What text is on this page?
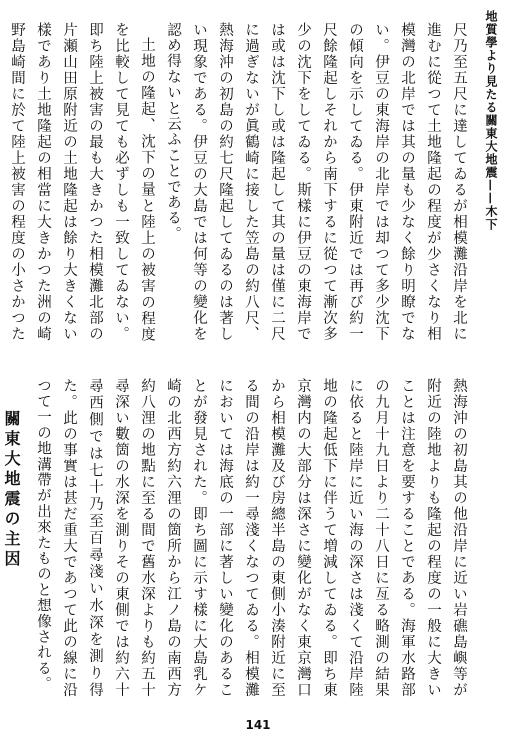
地質學より見たる關東大地震——木下

尺乃至五尺に達してゐるが相模灘沿岸を北に進むに從つて土地隆起の程度が少さくなり相模灣の北岸では其の量も少なく餘り明瞭でない。伊豆の東海岸の北岸では却つて多少沈下の傾向を示してゐる。伊東附近では再び約一尺餘隆起しそれから南下するに從つて漸次多少の沈下をしてゐる。斯樣に伊豆の東海岸では或は沈下し或は隆起して其の量は僅に二尺に過ぎないが眞鶴崎に接した笠島の約八尺、熱海沖の初島の約七尺隆起してゐるのは著しい現象である。伊豆の大島では何等の變化を認め得ないと云ふことである。

土地の隆起、沈下の量と陸上の被害の程度を比較して見ても必ずしも一致してゐない。即ち陸上被害の最も大きかつた相模灘北部の片瀬山田原附近の土地隆起は餘り大きくない樣であり土地隆起の相當に大きかつた洲の崎野島崎間に於て陸上被害の程度の小さかつた

熱海沖の初島其の他沿岸に近い岩礁島嶼等が附近の陸地よりも隆起の程度の一般に大きいことは注意を要することである。海軍水路部の九月十九日より二十八日に亙る略測の結果に依ると陸岸に近い海の深さは淺くて沿岸陸地の隆起低下に伴うて増減してゐる。即ち東京灣内の大部分は深さに變化がなく東京灣口から相模灘及び房總半島の東側小湊附近に至る間の沿岸は約一尋淺くなつてゐる。相模灘においては海底の一部に著しい變化のあることが發見された。即ち圖に示す樣に大島乳ケ崎の北西方約六浬の箇所から江ノ島の南西方約八浬の地點に至る間で舊水深よりも約五十尋深い數箇の水深を測りその東側では約六十尋西側では七十乃至百尋淺い水深を測り得た。此の事實は甚だ重大であつて此の線に沿つて一の地溝帶が出來たものと想像される。

關東大地震の主因

141
